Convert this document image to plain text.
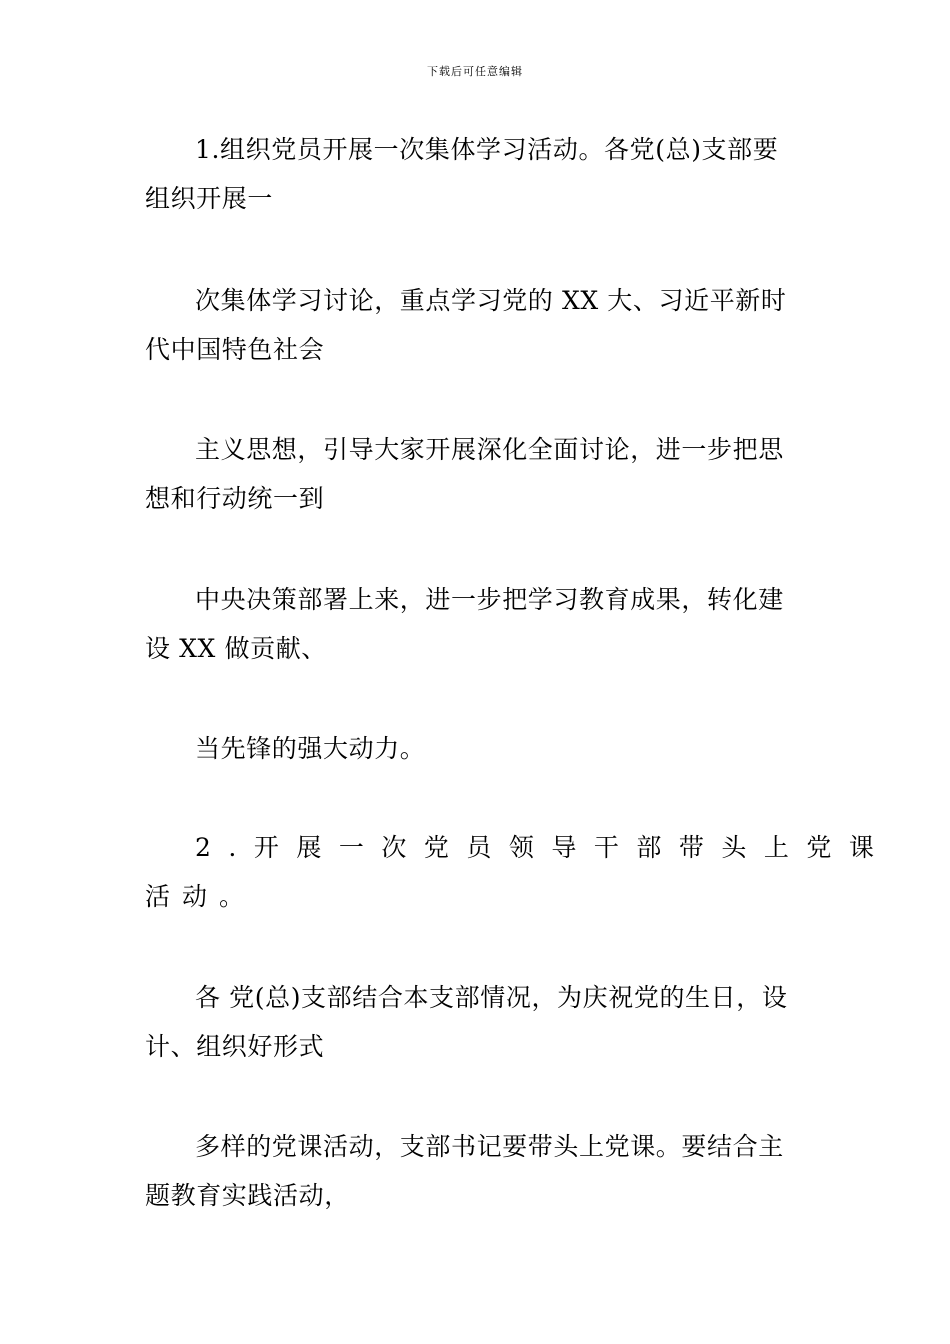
下载后可任意编辑
1.组织党员开展一次集体学习活动。各党(总)支部要
组织开展一
次集体学习讨论，重点学习党的 XX 大、习近平新时
代中国特色社会
主义思想，引导大家开展深化全面讨论，进一步把思
想和行动统一到
中央决策部署上来，进一步把学习教育成果，转化建
设 XX 做贡献、
当先锋的强大动力。
2.开展一次党员领导干部带头上党课
活动。
各 党(总)支部结合本支部情况，为庆祝党的生日，设
计、组织好形式
多样的党课活动，支部书记要带头上党课。要结合主
题教育实践活动，
